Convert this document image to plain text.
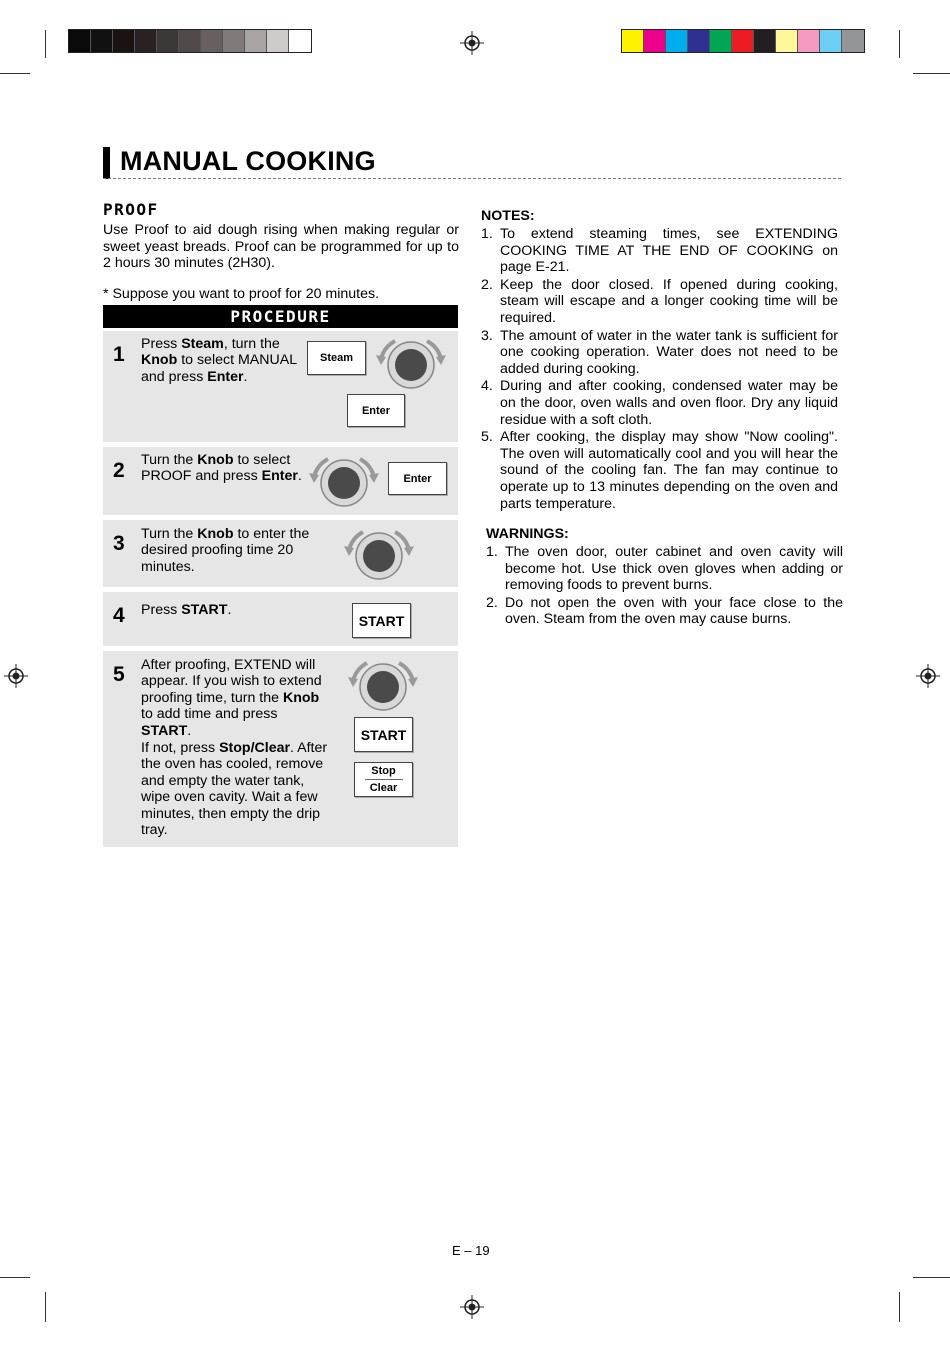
MANUAL COOKING
PROOF
Use Proof to aid dough rising when making regular or sweet yeast breads. Proof can be programmed for up to 2 hours 30 minutes (2H30).
* Suppose you want to proof for 20 minutes.
PROCEDURE
1 Press Steam, turn the Knob to select MANUAL and press Enter.
Steam
Enter
2 Turn the Knob to select PROOF and press Enter.	Enter
3 Turn the Knob to enter the desired proofing time 20 minutes.
4 Press START.
START
5 After proofing, EXTEND will appear. If you wish to extend proofing time, turn the Knob to add time and press START.
If not, press Stop/Clear. After the oven has cooled, remove and empty the water tank, wipe oven cavity. Wait a few minutes, then empty the drip tray.
START
Stop
Clear
NOTES:
1. To extend steaming times, see EXTENDING COOKING TIME AT THE END OF COOKING on page E-21.
2. Keep the door closed. If opened during cooking, steam will escape and a longer cooking time will be required.
3. The amount of water in the water tank is sufficient for one cooking operation. Water does not need to be added during cooking.
4. During and after cooking, condensed water may be on the door, oven walls and oven floor. Dry any liquid residue with a soft cloth.
5. After cooking, the display may show "Now cooling". The oven will automatically cool and you will hear the sound of the cooling fan. The fan may continue to operate up to 13 minutes depending on the oven and parts temperature.
WARNINGS:
1. The oven door, outer cabinet and oven cavity will become hot. Use thick oven gloves when adding or removing foods to prevent burns.
2. Do not open the oven with your face close to the oven. Steam from the oven may cause burns.
E – 19
